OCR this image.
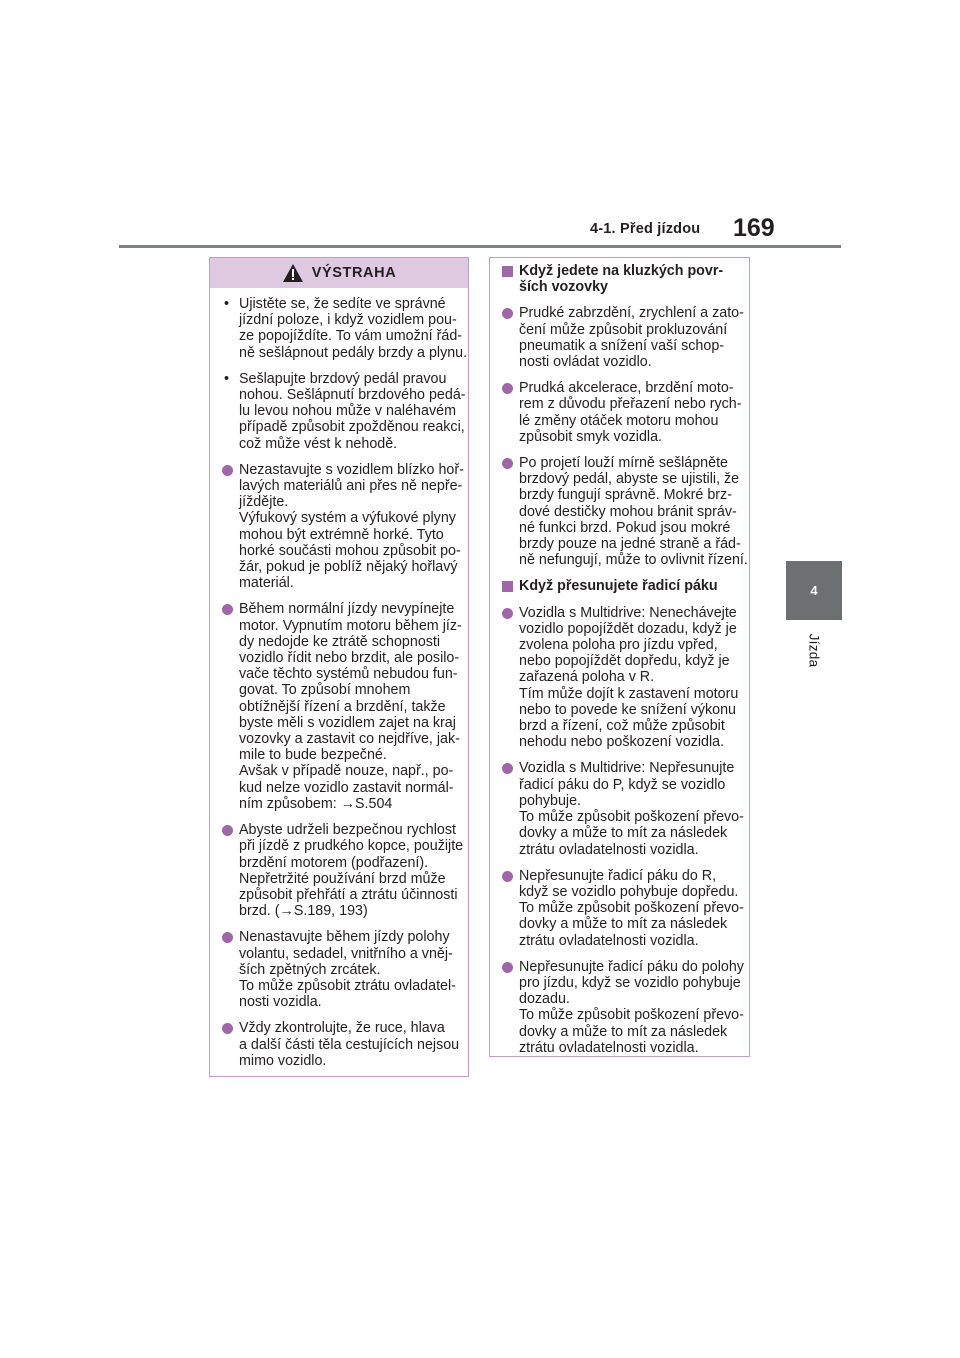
4-1. Před jízdou 169
4
Jízda
VÝSTRAHA
• Ujistěte se, že sedíte ve správné
jízdní poloze, i když vozidlem pou-
ze popojíždíte. To vám umožní řád-
ně sešlápnout pedály brzdy a plynu.
• Sešlapujte brzdový pedál pravou
nohou. Sešlápnutí brzdového pedá-
lu levou nohou může v naléhavém
případě způsobit zpožděnou reakci,
což může vést k nehodě.
Nezastavujte s vozidlem blízko hoř-
lavých materiálů ani přes ně nepře-
jíždějte.
Výfukový systém a výfukové plyny
mohou být extrémně horké. Tyto
horké součásti mohou způsobit po-
žár, pokud je poblíž nějaký hořlavý
materiál.
Během normální jízdy nevypínejte
motor. Vypnutím motoru během jíz-
dy nedojde ke ztrátě schopnosti
vozidlo řídit nebo brzdit, ale posilo-
vače těchto systémů nebudou fun-
govat. To způsobí mnohem
obtížnější řízení a brzdění, takže
byste měli s vozidlem zajet na kraj
vozovky a zastavit co nejdříve, jak-
mile to bude bezpečné.
Avšak v případě nouze, např., po-
kud nelze vozidlo zastavit normál-
ním způsobem: →S.504
Abyste udrželi bezpečnou rychlost
při jízdě z prudkého kopce, použijte
brzdění motorem (podřazení).
Nepřetržité používání brzd může
způsobit přehřátí a ztrátu účinnosti
brzd. (→S.189, 193)
Nenastavujte během jízdy polohy
volantu, sedadel, vnitřního a vněj-
ších zpětných zrcátek.
To může způsobit ztrátu ovladatel-
nosti vozidla.
Vždy zkontrolujte, že ruce, hlava
a další části těla cestujících nejsou
mimo vozidlo.
Když jedete na kluzkých povr-
ších vozovky
Prudké zabrzdění, zrychlení a zato-
čení může způsobit prokluzování
pneumatik a snížení vaší schop-
nosti ovládat vozidlo.
Prudká akcelerace, brzdění moto-
rem z důvodu přeřazení nebo rych-
lé změny otáček motoru mohou
způsobit smyk vozidla.
Po projetí louží mírně sešlápněte
brzdový pedál, abyste se ujistili, že
brzdy fungují správně. Mokré brz-
dové destičky mohou bránit správ-
né funkci brzd. Pokud jsou mokré
brzdy pouze na jedné straně a řád-
ně nefungují, může to ovlivnit řízení.
Když přesunujete řadicí páku
Vozidla s Multidrive: Nenechávejte
vozidlo popojíždět dozadu, když je
zvolena poloha pro jízdu vpřed,
nebo popojíždět dopředu, když je
zařazená poloha v R.
Tím může dojít k zastavení motoru
nebo to povede ke snížení výkonu
brzd a řízení, což může způsobit
nehodu nebo poškození vozidla.
Vozidla s Multidrive: Nepřesunujte
řadicí páku do P, když se vozidlo
pohybuje.
To může způsobit poškození převo-
dovky a může to mít za následek
ztrátu ovladatelnosti vozidla.
Nepřesunujte řadicí páku do R,
když se vozidlo pohybuje dopředu.
To může způsobit poškození převo-
dovky a může to mít za následek
ztrátu ovladatelnosti vozidla.
Nepřesunujte řadicí páku do polohy
pro jízdu, když se vozidlo pohybuje
dozadu.
To může způsobit poškození převo-
dovky a může to mít za následek
ztrátu ovladatelnosti vozidla.
